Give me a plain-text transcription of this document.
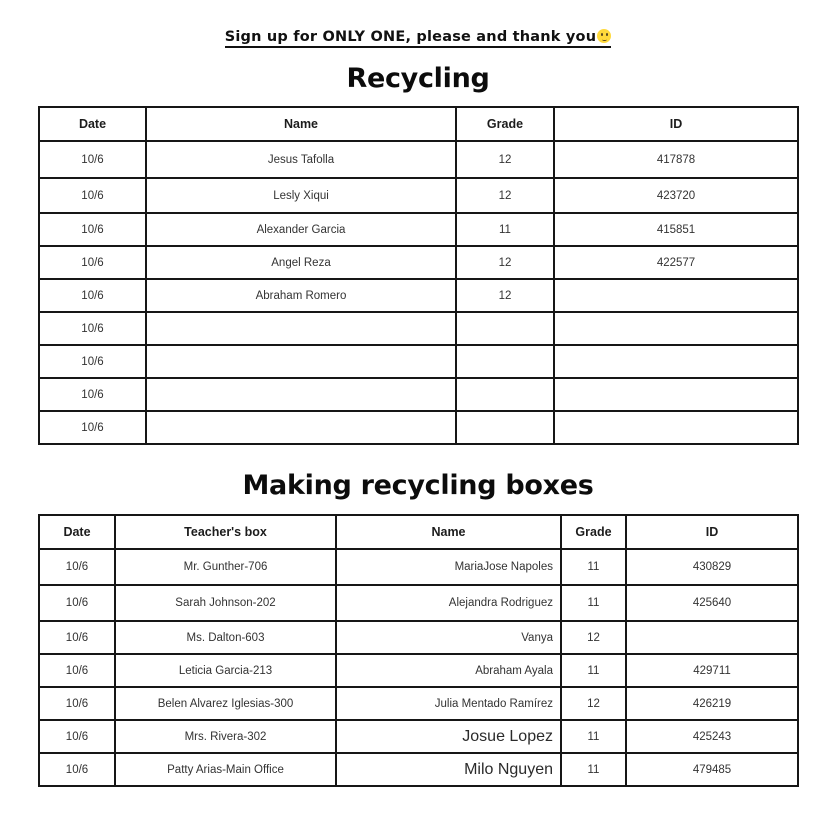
Sign up for ONLY ONE, please and thank you
Recycling
Date	Name	Grade	ID
10/6	Jesus Tafolla	12	417878
10/6	Lesly Xiqui	12	423720
10/6	Alexander Garcia	11	415851
10/6	Angel Reza	12	422577
10/6	Abraham Romero	12	
10/6			
10/6			
10/6			
10/6			
Making recycling boxes
Date	Teacher's box	Name	Grade	ID
10/6	Mr. Gunther-706	MariaJose Napoles	11	430829
10/6	Sarah Johnson-202	Alejandra Rodriguez	11	425640
10/6	Ms. Dalton-603	Vanya	12	
10/6	Leticia Garcia-213	Abraham Ayala	11	429711
10/6	Belen Alvarez Iglesias-300	Julia Mentado Ramírez	12	426219
10/6	Mrs. Rivera-302	Josue Lopez	11	425243
10/6	Patty Arias-Main Office	Milo Nguyen	11	479485
